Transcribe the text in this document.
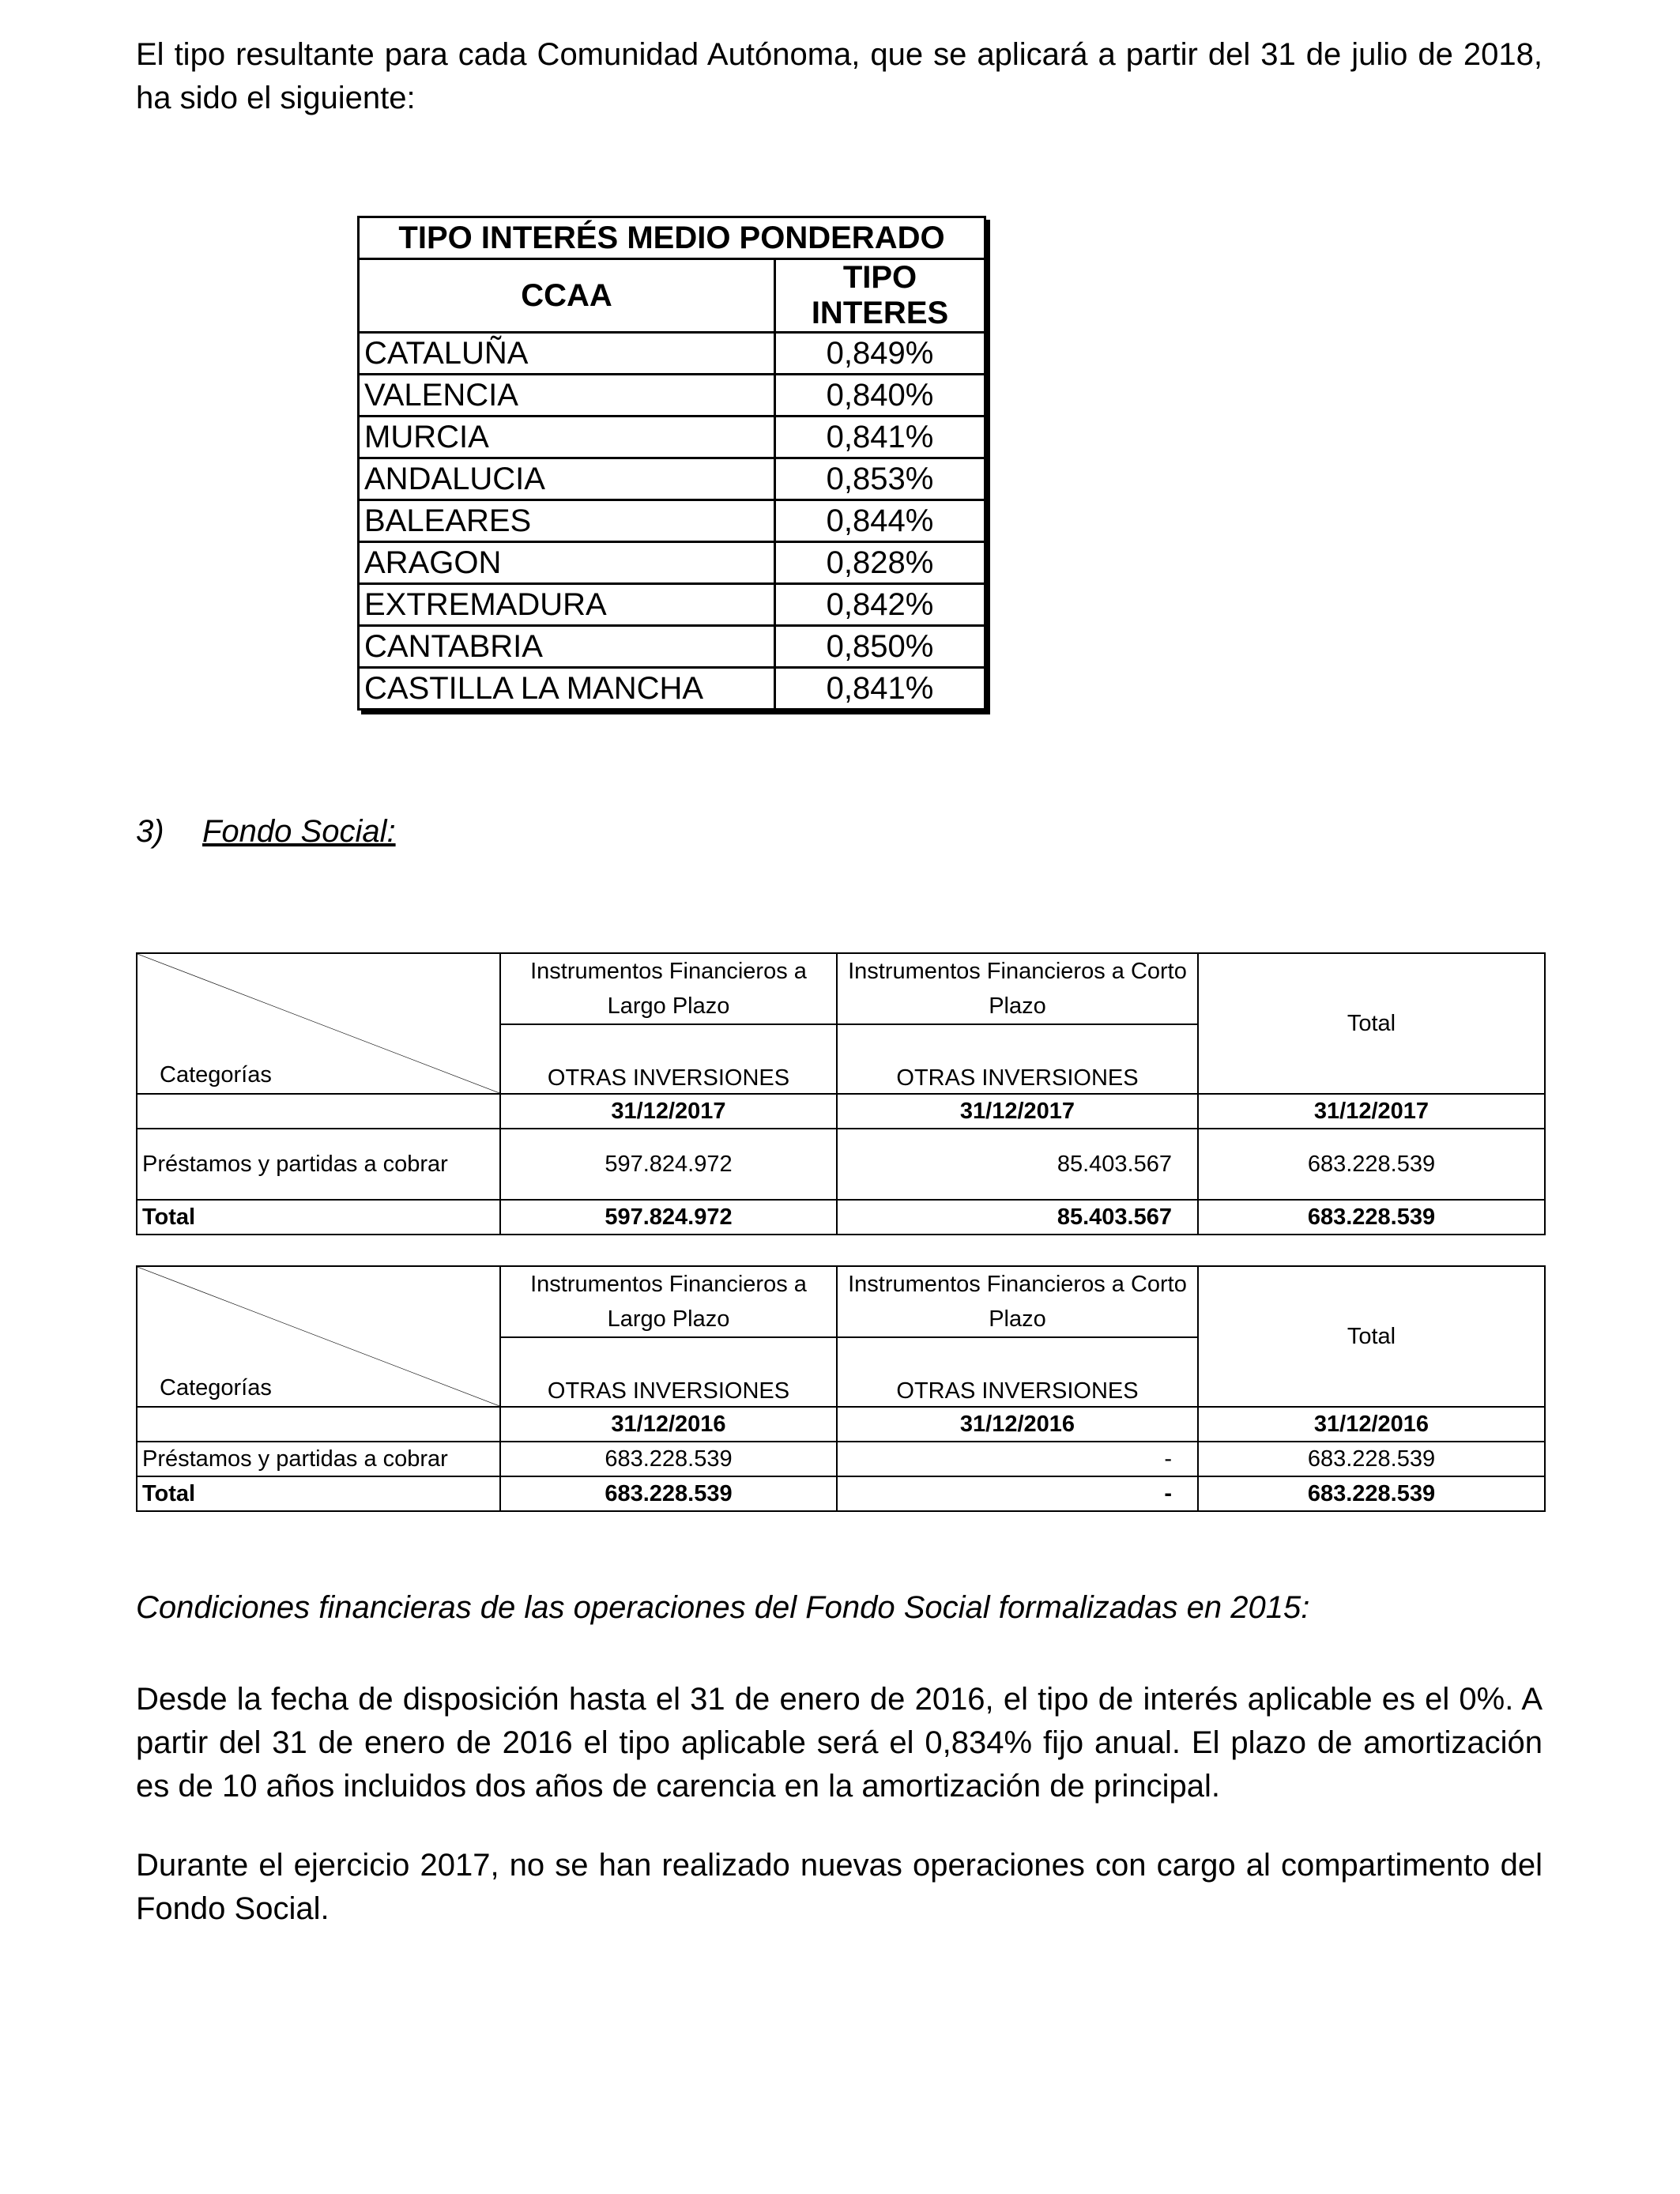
El tipo resultante para cada Comunidad Autónoma, que se aplicará a partir del 31 de julio de 2018,
ha sido el siguiente:
TIPO INTERÉS MEDIO PONDERADO	
CCAA	TIPO INTERES
CATALUÑA	0,849%
VALENCIA	0,840%
MURCIA	0,841%
ANDALUCIA	0,853%
BALEARES	0,844%
ARAGON	0,828%
EXTREMADURA	0,842%
CANTABRIA	0,850%
CASTILLA LA MANCHA	0,841%
3) Fondo Social:
Categorías	Instrumentos Financieros a Largo Plazo	Instrumentos Financieros a Corto Plazo	Total
	OTRAS INVERSIONES	OTRAS INVERSIONES	
	31/12/2017	31/12/2017	31/12/2017
Préstamos y partidas a cobrar	597.824.972	85.403.567	683.228.539
Total	597.824.972	85.403.567	683.228.539
Categorías	Instrumentos Financieros a Largo Plazo	Instrumentos Financieros a Corto Plazo	Total
	OTRAS INVERSIONES	OTRAS INVERSIONES	
	31/12/2016	31/12/2016	31/12/2016
Préstamos y partidas a cobrar	683.228.539	-	683.228.539
Total	683.228.539	-	683.228.539
Condiciones financieras de las operaciones del Fondo Social formalizadas en 2015:
Desde la fecha de disposición hasta el 31 de enero de 2016, el tipo de interés aplicable es el 0%. A partir del 31 de enero de 2016 el tipo aplicable será el 0,834% fijo anual. El plazo de amortización es de 10 años incluidos dos años de carencia en la amortización de principal.
Durante el ejercicio 2017, no se han realizado nuevas operaciones con cargo al compartimento del Fondo Social.
